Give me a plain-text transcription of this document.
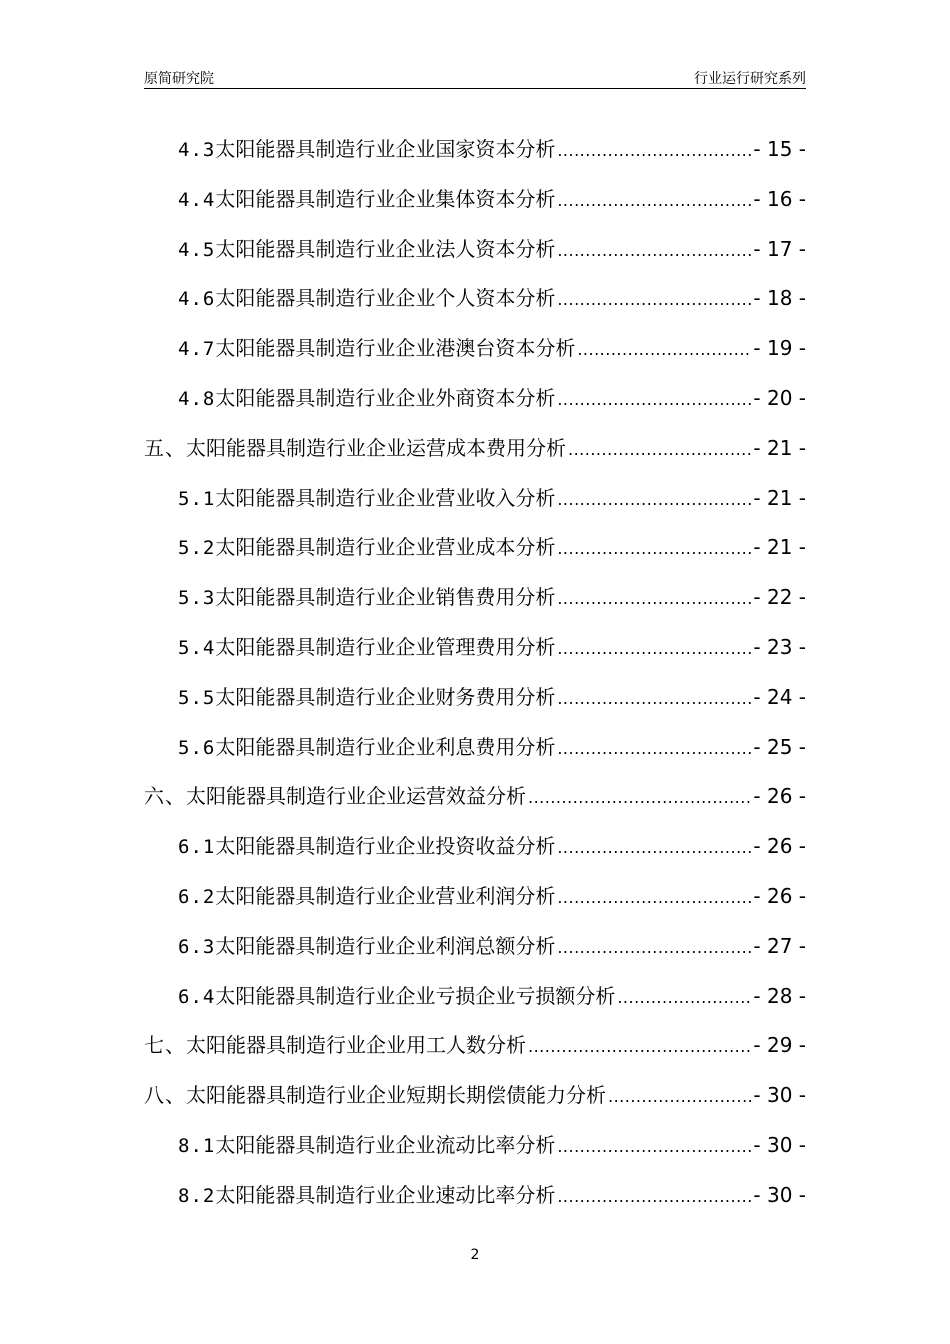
原简研究院	行业运行研究系列
4.3 太阳能器具制造行业企业国家资本分析 .....	- 15 -
4.4 太阳能器具制造行业企业集体资本分析 .....	- 16 -
4.5 太阳能器具制造行业企业法人资本分析 .....	- 17 -
4.6 太阳能器具制造行业企业个人资本分析 .....	- 18 -
4.7 太阳能器具制造行业企业港澳台资本分析 .....	- 19 -
4.8 太阳能器具制造行业企业外商资本分析 .....	- 20 -
五、 太阳能器具制造行业企业运营成本费用分析 .....	- 21 -
5.1 太阳能器具制造行业企业营业收入分析 .....	- 21 -
5.2 太阳能器具制造行业企业营业成本分析 .....	- 21 -
5.3 太阳能器具制造行业企业销售费用分析 .....	- 22 -
5.4 太阳能器具制造行业企业管理费用分析 .....	- 23 -
5.5 太阳能器具制造行业企业财务费用分析 .....	- 24 -
5.6 太阳能器具制造行业企业利息费用分析 .....	- 25 -
六、 太阳能器具制造行业企业运营效益分析 .....	- 26 -
6.1 太阳能器具制造行业企业投资收益分析 .....	- 26 -
6.2 太阳能器具制造行业企业营业利润分析 .....	- 26 -
6.3 太阳能器具制造行业企业利润总额分析 .....	- 27 -
6.4 太阳能器具制造行业企业亏损企业亏损额分析 .....	- 28 -
七、 太阳能器具制造行业企业用工人数分析 .....	- 29 -
八、 太阳能器具制造行业企业短期长期偿债能力分析 .....	- 30 -
8.1 太阳能器具制造行业企业流动比率分析 .....	- 30 -
8.2 太阳能器具制造行业企业速动比率分析 .....	- 30 -
2
